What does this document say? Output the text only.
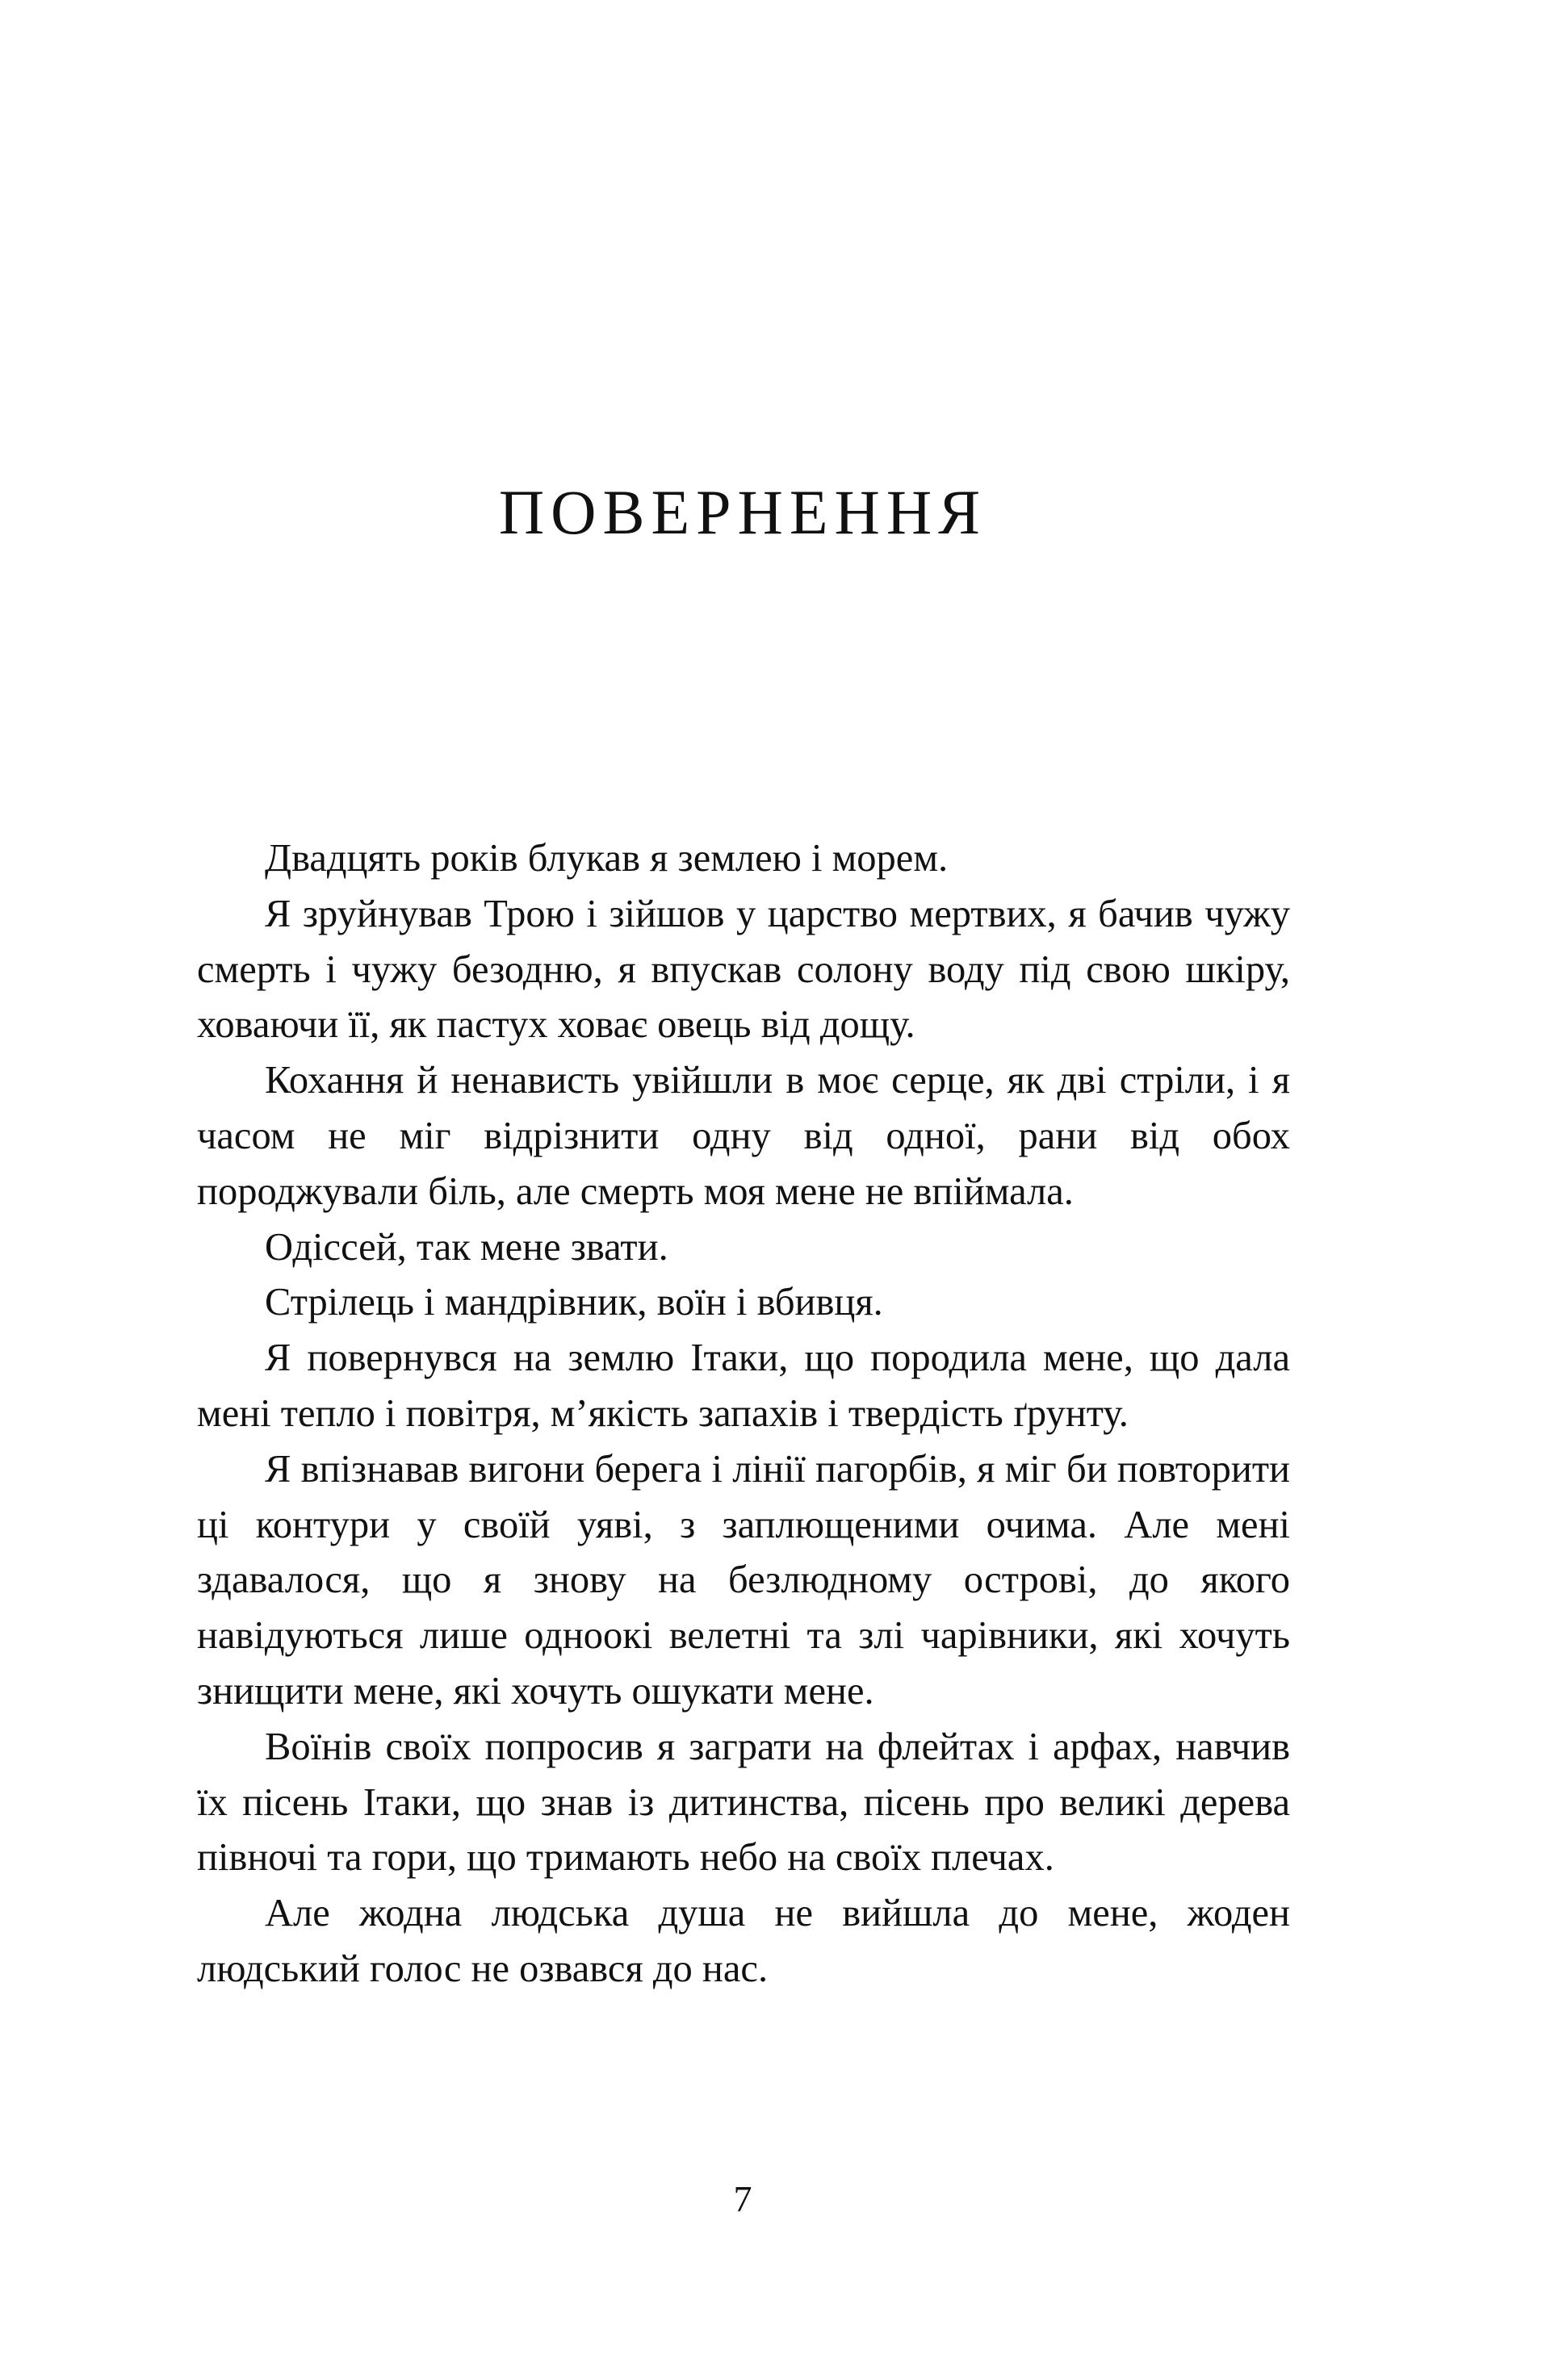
ПОВЕРНЕННЯ

Двадцять років блукав я землею і морем.

Я зруйнував Трою і зійшов у царство мертвих, я бачив чужу смерть і чужу безодню, я впускав солону воду під свою шкіру, ховаючи її, як пастух ховає овець від дощу.

Кохання й ненависть увійшли в моє серце, як дві стріли, і я часом не міг відрізнити одну від одної, рани від обох породжували біль, але смерть моя мене не впіймала.

Одіссей, так мене звати.

Стрілець і мандрівник, воїн і вбивця.

Я повернувся на землю Ітаки, що породила мене, що дала мені тепло і повітря, м’якість запахів і твердість ґрунту.

Я впізнавав вигони берега і лінії пагорбів, я міг би повторити ці контури у своїй уяві, з заплющеними очима. Але мені здавалося, що я знову на безлюдному острові, до якого навідуються лише одноокі велетні та злі чарівники, які хочуть знищити мене, які хочуть ошукати мене.

Воїнів своїх попросив я заграти на флейтах і арфах, навчив їх пісень Ітаки, що знав із дитинства, пісень про великі дерева півночі та гори, що тримають небо на своїх плечах.

Але жодна людська душа не вийшла до мене, жоден людський голос не озвався до нас.

7
